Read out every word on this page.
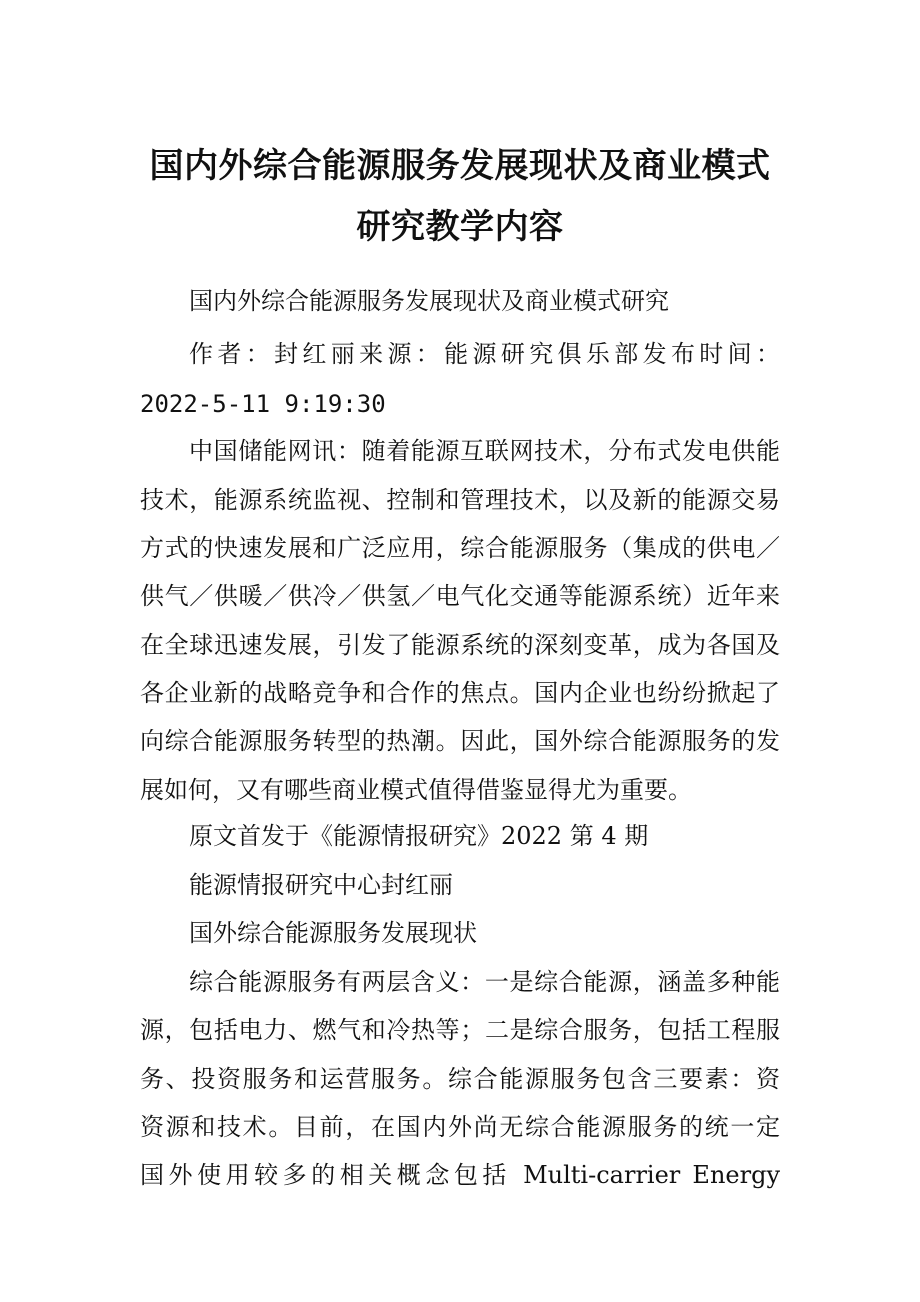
国内外综合能源服务发展现状及商业模式
研究教学内容

国内外综合能源服务发展现状及商业模式研究

作者：封红丽来源：能源研究俱乐部发布时间：

2022-5-11 9:19:30

中国储能网讯：随着能源互联网技术，分布式发电供能

技术，能源系统监视、控制和管理技术，以及新的能源交易

方式的快速发展和广泛应用，综合能源服务（集成的供电／

供气／供暖／供冷／供氢／电气化交通等能源系统）近年来

在全球迅速发展，引发了能源系统的深刻变革，成为各国及

各企业新的战略竞争和合作的焦点。国内企业也纷纷掀起了

向综合能源服务转型的热潮。因此，国外综合能源服务的发

展如何，又有哪些商业模式值得借鉴显得尤为重要。

原文首发于《能源情报研究》2022 第 4 期

能源情报研究中心封红丽

国外综合能源服务发展现状

综合能源服务有两层含义：一是综合能源，涵盖多种能

源，包括电力、燃气和冷热等；二是综合服务，包括工程服

务、投资服务和运营服务。综合能源服务包含三要素：资

资源和技术。目前，在国内外尚无综合能源服务的统一定

国外使用较多的相关概念包括 Multi-carrier Energy
